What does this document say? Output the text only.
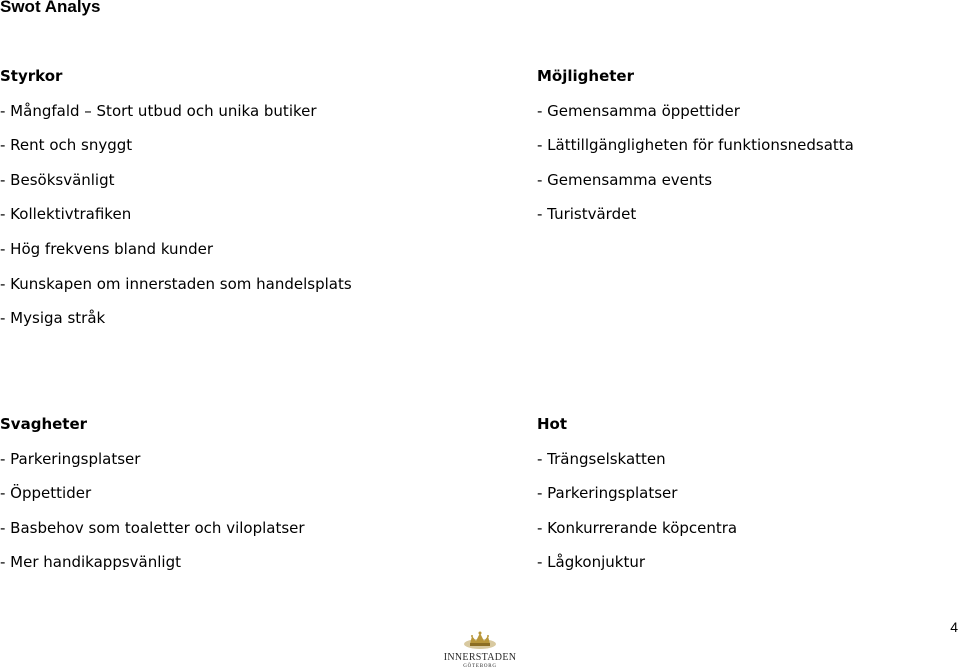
Swot Analys
Styrkor
- Mångfald – Stort utbud och unika butiker
- Rent och snyggt
- Besöksvänligt
- Kollektivtrafiken
- Hög frekvens bland kunder
- Kunskapen om innerstaden som handelsplats
- Mysiga stråk
Möjligheter
- Gemensamma öppettider
- Lättillgängligheten för funktionsnedsatta
- Gemensamma events
- Turistvärdet
Svagheter
- Parkeringsplatser
- Öppettider
- Basbehov som toaletter och viloplatser
- Mer handikappsvänligt
Hot
- Trängselskatten
- Parkeringsplatser
- Konkurrerande köpcentra
- Lågkonjuktur
INNERSTADEN
GÖTEBORG
4
